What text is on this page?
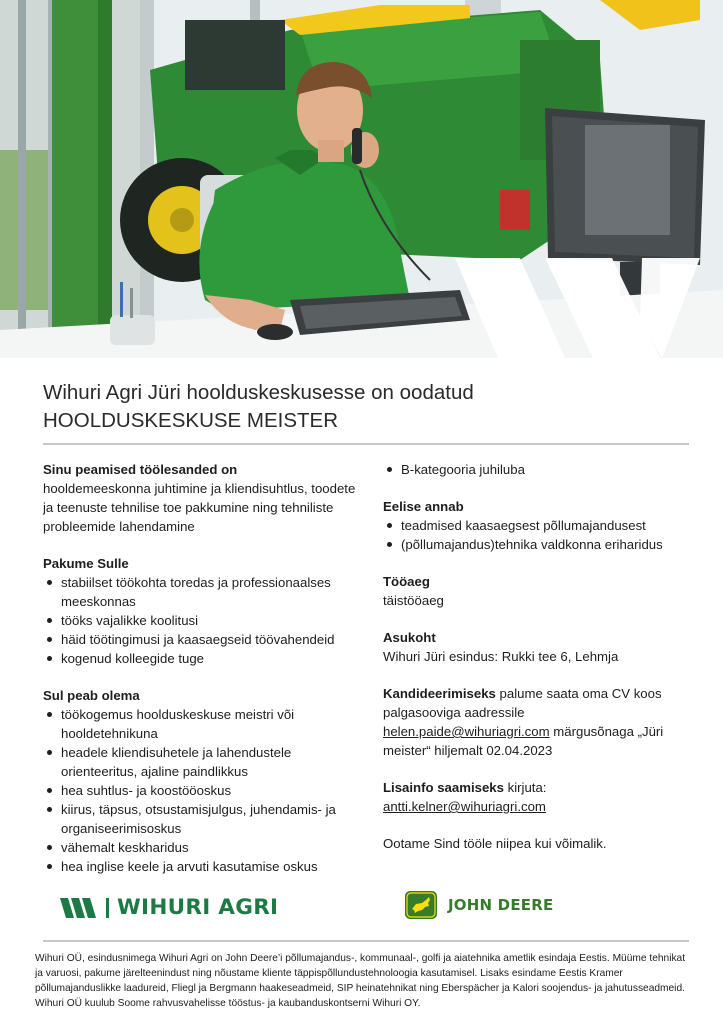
Wihuri Agri Jüri hoolduskeskusesse on oodatud
HOOLDUSKESKUSE MEISTER

Sinu peamised töölesanded on

hooldemeeskonna juhtimine ja kliendisuhtlus, toodete ja teenuste tehnilise toe pakkumine ning tehniliste probleemide lahendamine

Pakume Sulle

stabiilset töökohta toredas ja professionaalses meeskonnas
tööks vajalikke koolitusi
häid töötingimusi ja kaasaegseid töövahendeid
kogenud kolleegide tuge

Sul peab olema

töökogemus hoolduskeskuse meistri või hooldetehnikuna
headele kliendisuhetele ja lahendustele orienteeritus, ajaline paindlikkus
hea suhtlus- ja koostööoskus
kiirus, täpsus, otsustamisjulgus, juhendamis- ja organiseerimisoskus
vähemalt keskharidus
hea inglise keele ja arvuti kasutamise oskus
B-kategooria juhiluba

Eelise annab

teadmised kaasaegsest põllumajandusest
(põllumajandus)tehnika valdkonna eriharidus

Tööaeg

täistööaeg

Asukoht

Wihuri Jüri esindus: Rukki tee 6, Lehmja

Kandideerimiseks palume saata oma CV koos palgasooviga aadressile
helen.paide@wihuriagri.com märgusõnaga „Jüri meister“ hiljemalt 02.04.2023

Lisainfo saamiseks kirjuta:

antti.kelner@wihuriagri.com

Ootame Sind tööle niipea kui võimalik.

WIHURI AGRI	JOHN DEERE
Wihuri OÜ, esindusnimega Wihuri Agri on John Deere’i põllumajandus-, kommunaal-, golfi ja aiatehnika ametlik esindaja Eestis. Müüme tehnikat ja varuosi, pakume järelteenindust ning nõustame kliente täppispõllundustehnoloogia kasutamisel. Lisaks esindame Eestis Kramer põllumajanduslikke laadureid, Fliegl ja Bergmann haakeseadmeid, SIP heinatehnikat ning Eberspächer ja Kalori soojendus- ja jahutusseadmeid. Wihuri OÜ kuulub Soome rahvusvahelisse tööstus- ja kaubanduskontserni Wihuri OY.
